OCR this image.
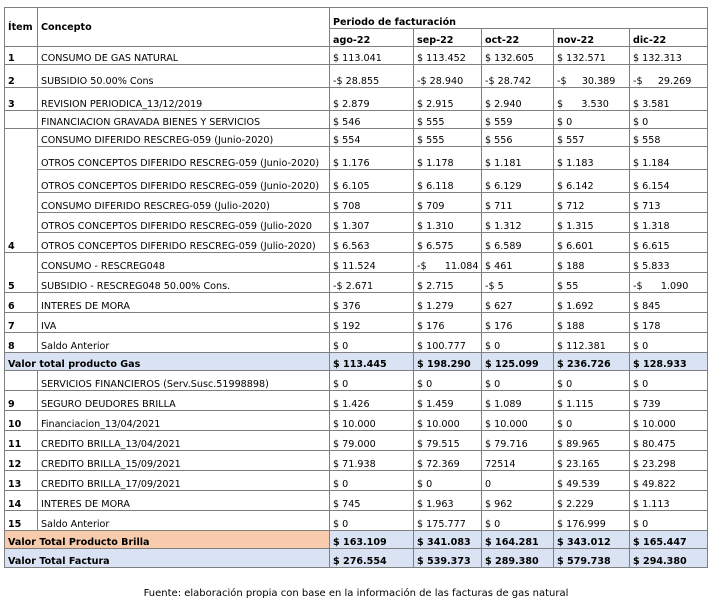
Ítem	Concepto	Periodo de facturación				
		ago-22	sep-22	oct-22	nov-22	dic-22
1	CONSUMO DE GAS NATURAL	$ 113.041	$ 113.452	$ 132.605	$ 132.571	$ 132.313
2	SUBSIDIO 50.00% Cons	-$ 28.855	-$ 28.940	-$ 28.742	-$     30.389	-$     29.269
3	REVISION PERIODICA_13/12/2019	$ 2.879	$ 2.915	$ 2.940	$      3.530	$ 3.581
	FINANCIACION GRAVADA BIENES Y SERVICIOS	$ 546	$ 555	$ 559	$ 0	$ 0
4	CONSUMO DIFERIDO RESCREG-059 (Junio-2020)	$ 554	$ 555	$ 556	$ 557	$ 558
	OTROS CONCEPTOS DIFERIDO RESCREG-059 (Junio-2020)	$ 1.176	$ 1.178	$ 1.181	$ 1.183	$ 1.184
	OTROS CONCEPTOS DIFERIDO RESCREG-059 (Junio-2020)	$ 6.105	$ 6.118	$ 6.129	$ 6.142	$ 6.154
	CONSUMO DIFERIDO RESCREG-059 (Julio-2020)	$ 708	$ 709	$ 711	$ 712	$ 713
	OTROS CONCEPTOS DIFERIDO RESCREG-059 (Julio-2020	$ 1.307	$ 1.310	$ 1.312	$ 1.315	$ 1.318
	OTROS CONCEPTOS DIFERIDO RESCREG-059 (Julio-2020)	$ 6.563	$ 6.575	$ 6.589	$ 6.601	$ 6.615
5	CONSUMO - RESCREG048	$ 11.524	-$      11.084	$ 461	$ 188	$ 5.833
	SUBSIDIO - RESCREG048 50.00% Cons.	-$ 2.671	$ 2.715	-$ 5	$ 55	-$      1.090
6	INTERES DE MORA	$ 376	$ 1.279	$ 627	$ 1.692	$ 845
7	IVA	$ 192	$ 176	$ 176	$ 188	$ 178
8	Saldo Anterior	$ 0	$ 100.777	$ 0	$ 112.381	$ 0
Valor total producto Gas		$ 113.445	$ 198.290	$ 125.099	$ 236.726	$ 128.933
	SERVICIOS FINANCIEROS (Serv.Susc.51998898)	$ 0	$ 0	$ 0	$ 0	$ 0
9	SEGURO DEUDORES BRILLA	$ 1.426	$ 1.459	$ 1.089	$ 1.115	$ 739
10	Financiacion_13/04/2021	$ 10.000	$ 10.000	$ 10.000	$ 0	$ 10.000
11	CREDITO BRILLA_13/04/2021	$ 79.000	$ 79.515	$ 79.716	$ 89.965	$ 80.475
12	CREDITO BRILLA_15/09/2021	$ 71.938	$ 72.369	72514	$ 23.165	$ 23.298
13	CREDITO BRILLA_17/09/2021	$ 0	$ 0	0	$ 49.539	$ 49.822
14	INTERES DE MORA	$ 745	$ 1.963	$ 962	$ 2.229	$ 1.113
15	Saldo Anterior	$ 0	$ 175.777	$ 0	$ 176.999	$ 0
Valor Total Producto Brilla		$ 163.109	$ 341.083	$ 164.281	$ 343.012	$ 165.447
Valor Total Factura		$ 276.554	$ 539.373	$ 289.380	$ 579.738	$ 294.380
Fuente: elaboración propia con base en la información de las facturas de gas natural
